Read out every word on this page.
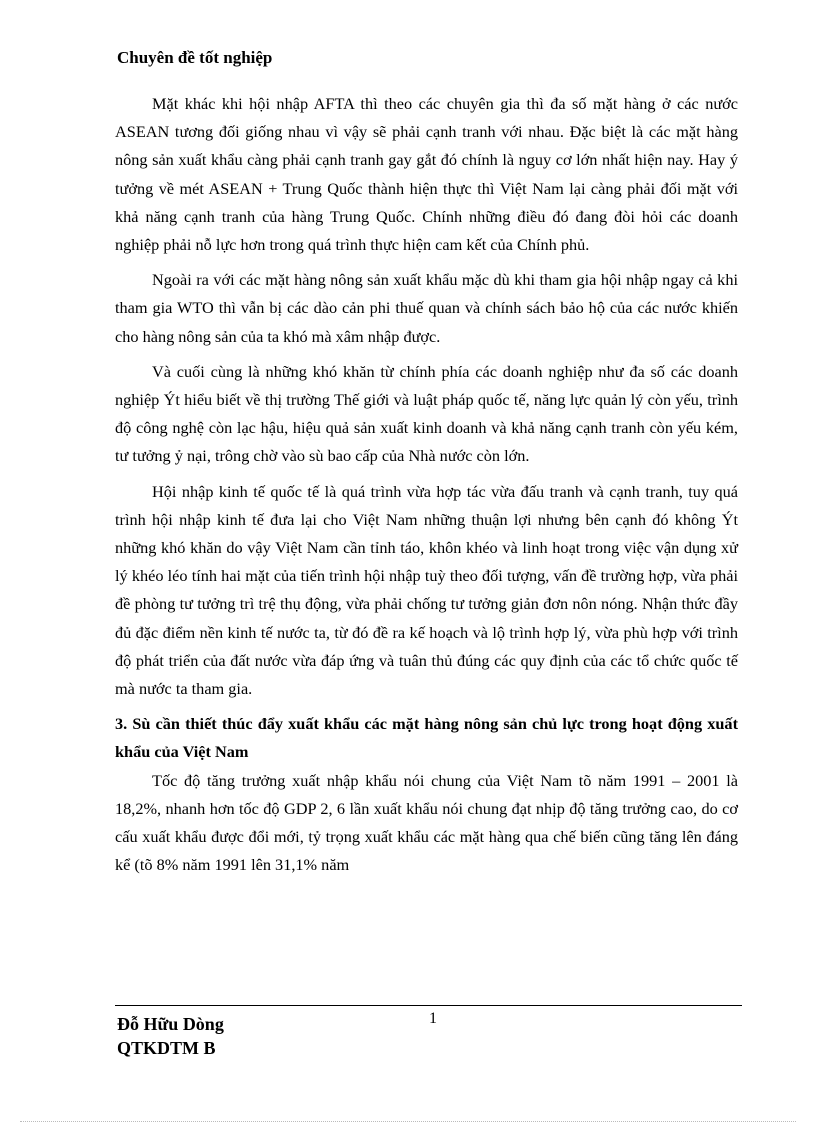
Chuyên đề tốt nghiệp

Mặt khác khi hội nhập AFTA thì theo các chuyên gia thì đa số mặt hàng ở các nước ASEAN tương đối giống nhau vì vậy sẽ phải cạnh tranh với nhau. Đặc biệt là các mặt hàng nông sản xuất khẩu càng phải cạnh tranh gay gắt đó chính là nguy cơ lớn nhất hiện nay. Hay ý tưởng về mét ASEAN + Trung Quốc thành hiện thực thì Việt Nam lại càng phải đối mặt với khả năng cạnh tranh của hàng Trung Quốc. Chính những điều đó đang đòi hỏi các doanh nghiệp phải nỗ lực hơn trong quá trình thực hiện cam kết của Chính phủ.

Ngoài ra với các mặt hàng nông sản xuất khẩu mặc dù khi tham gia hội nhập ngay cả khi tham gia WTO thì vẫn bị các dào cản phi thuế quan và chính sách bảo hộ của các nước khiến cho hàng nông sản của ta khó mà xâm nhập được.

Và cuối cùng là những khó khăn từ chính phía các doanh nghiệp như đa số các doanh nghiệp Ýt hiểu biết về thị trường Thế giới và luật pháp quốc tế, năng lực quản lý còn yếu, trình độ công nghệ còn lạc hậu, hiệu quả sản xuất kinh doanh và khả năng cạnh tranh còn yếu kém, tư tưởng ỷ nại, trông chờ vào sù bao cấp của Nhà nước còn lớn.

Hội nhập kinh tế quốc tế là quá trình vừa hợp tác vừa đấu tranh và cạnh tranh, tuy quá trình hội nhập kinh tế đưa lại cho Việt Nam những thuận lợi nhưng bên cạnh đó không Ýt những khó khăn do vậy Việt Nam cần tỉnh táo, khôn khéo và linh hoạt trong việc vận dụng xử lý khéo léo tính hai mặt của tiến trình hội nhập tuỳ theo đối tượng, vấn đề trường hợp, vừa phải đề phòng tư tưởng trì trệ thụ động, vừa phải chống tư tưởng giản đơn nôn nóng. Nhận thức đầy đủ đặc điểm nền kinh tế nước ta, từ đó đề ra kế hoạch và lộ trình hợp lý, vừa phù hợp với trình độ phát triển của đất nước vừa đáp ứng và tuân thủ đúng các quy định của các tổ chức quốc tế mà nước ta tham gia.

3. Sù cần thiết thúc đẩy xuất khẩu các mặt hàng nông sản chủ lực trong hoạt động xuất khẩu của Việt Nam

Tốc độ tăng trưởng xuất nhập khẩu nói chung của Việt Nam tõ năm 1991 – 2001 là 18,2%, nhanh hơn tốc độ GDP 2, 6 lần xuất khẩu nói chung đạt nhịp độ tăng trưởng cao, do cơ cấu xuất khẩu được đổi mới, tỷ trọng xuất khẩu các mặt hàng qua chế biến cũng tăng lên đáng kể (tõ 8% năm 1991 lên 31,1% năm

Đỗ Hữu Dòng	1
QTKDTM B
